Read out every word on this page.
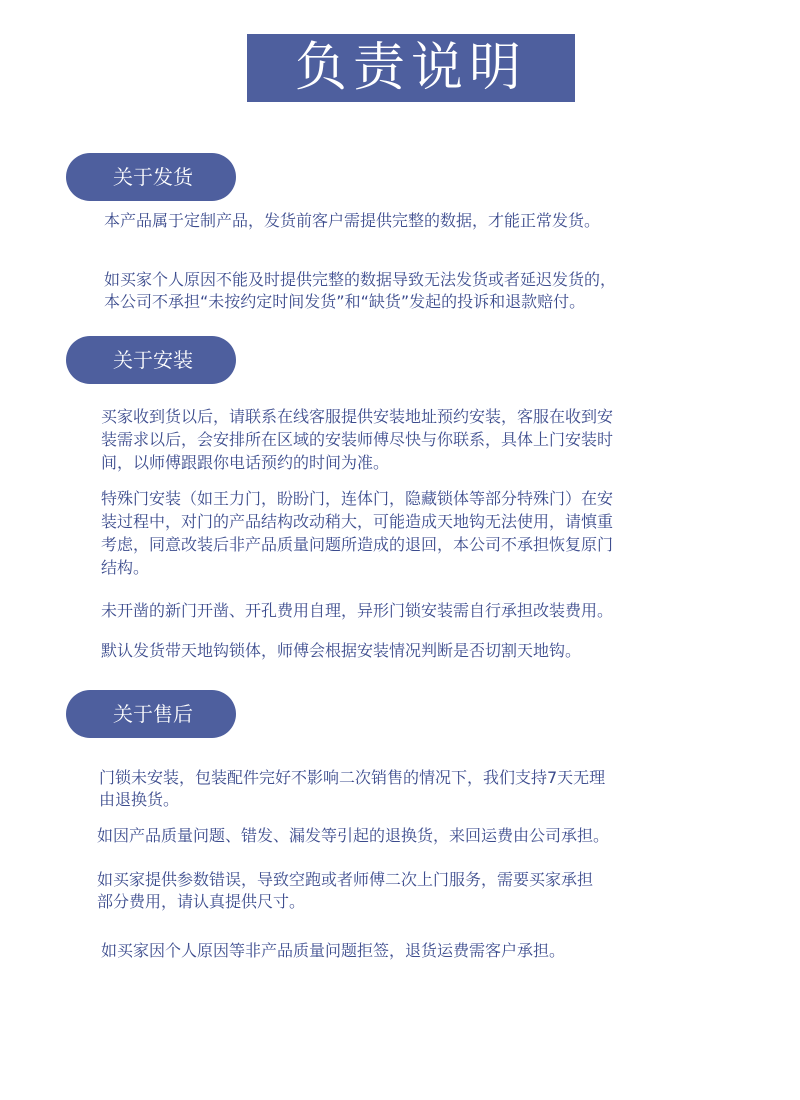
负责说明
关于发货
本产品属于定制产品，发货前客户需提供完整的数据，才能正常发货。
如买家个人原因不能及时提供完整的数据导致无法发货或者延迟发货的，
本公司不承担“未按约定时间发货”和“缺货”发起的投诉和退款赔付。
关于安装
买家收到货以后，请联系在线客服提供安装地址预约安装，客服在收到安
装需求以后，会安排所在区域的安装师傅尽快与你联系，具体上门安装时
间，以师傅跟跟你电话预约的时间为准。
特殊门安装（如王力门，盼盼门，连体门，隐藏锁体等部分特殊门）在安
装过程中，对门的产品结构改动稍大，可能造成天地钩无法使用，请慎重
考虑，同意改装后非产品质量问题所造成的退回，本公司不承担恢复原门
结构。
未开凿的新门开凿、开孔费用自理，异形门锁安装需自行承担改装费用。
默认发货带天地钩锁体，师傅会根据安装情况判断是否切割天地钩。
关于售后
门锁未安装，包装配件完好不影响二次销售的情况下，我们支持7天无理
由退换货。
如因产品质量问题、错发、漏发等引起的退换货，来回运费由公司承担。
如买家提供参数错误，导致空跑或者师傅二次上门服务，需要买家承担
部分费用，请认真提供尺寸。
如买家因个人原因等非产品质量问题拒签，退货运费需客户承担。
